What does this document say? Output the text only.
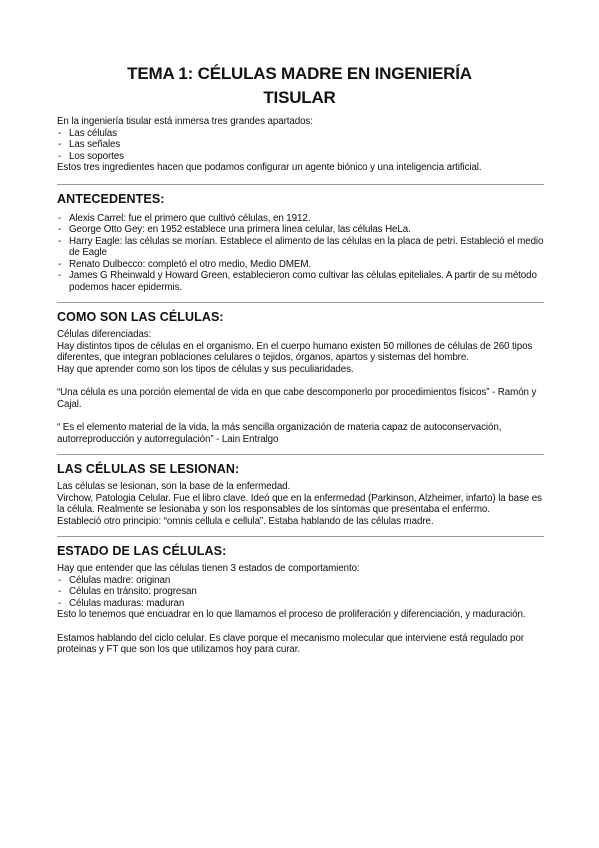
TEMA 1: CÉLULAS MADRE EN INGENIERÍA
TISULAR

En la ingeniería tisular está inmersa tres grandes apartados:

- Las células
- Las señales
- Los soportes

Estos tres ingredientes hacen que podamos configurar un agente biónico y una inteligencia artificial.

ANTECEDENTES:
- Alexis Carrel: fue el primero que cultivó células, en 1912.
- George Otto Gey: en 1952 establece una primera linea celular, las células HeLa.
- Harry Eagle: las células se morían. Establece el alimento de las células en la placa de petri. Estableció el medio de Eagle
- Renato Dulbecco: completó el otro medio, Medio DMEM.
- James G Rheinwald y Howard Green, establecieron como cultivar las células epiteliales. A partir de su método podemos hacer epidermis.
COMO SON LAS CÉLULAS:

Células diferenciadas:

Hay distintos tipos de células en el organismo. En el cuerpo humano existen 50 millones de células de 260 tipos diferentes, que integran poblaciones celulares o tejidos, órganos, apartos y sistemas del hombre.

Hay que aprender como son los tipos de células y sus peculiaridades.

“Una célula es una porción elemental de vida en que cabe descomponerlo por procedimientos físicos” - Ramón y Cajal.

“ Es el elemento material de la vida, la más sencilla organización de materia capaz de autoconservación, autorreproducción y autorregulación” - Lain Entralgo

LAS CÉLULAS SE LESIONAN:

Las células se lesionan, son la base de la enfermedad.

Virchow, Patologia Celular. Fue el libro clave. Ideó que en la enfermedad (Parkinson, Alzheimer, infarto) la base es la célula. Realmente se lesionaba y son los responsables de los síntomas que presentaba el enfermo.

Estableció otro principio: “omnis cellula e cellula”. Estaba hablando de las células madre.

ESTADO DE LAS CÉLULAS:

Hay que entender que las células tienen 3 estados de comportamiento:

- Células madre: originan
- Células en tránsito: progresan
- Células maduras: maduran

Esto lo tenemos que encuadrar en lo que llamamos el proceso de proliferación y diferenciación, y maduración.

Estamos hablando del ciclo celular. Es clave porque el mecanismo molecular que interviene está regulado por proteinas y FT que son los que utilizamos hoy para curar.
